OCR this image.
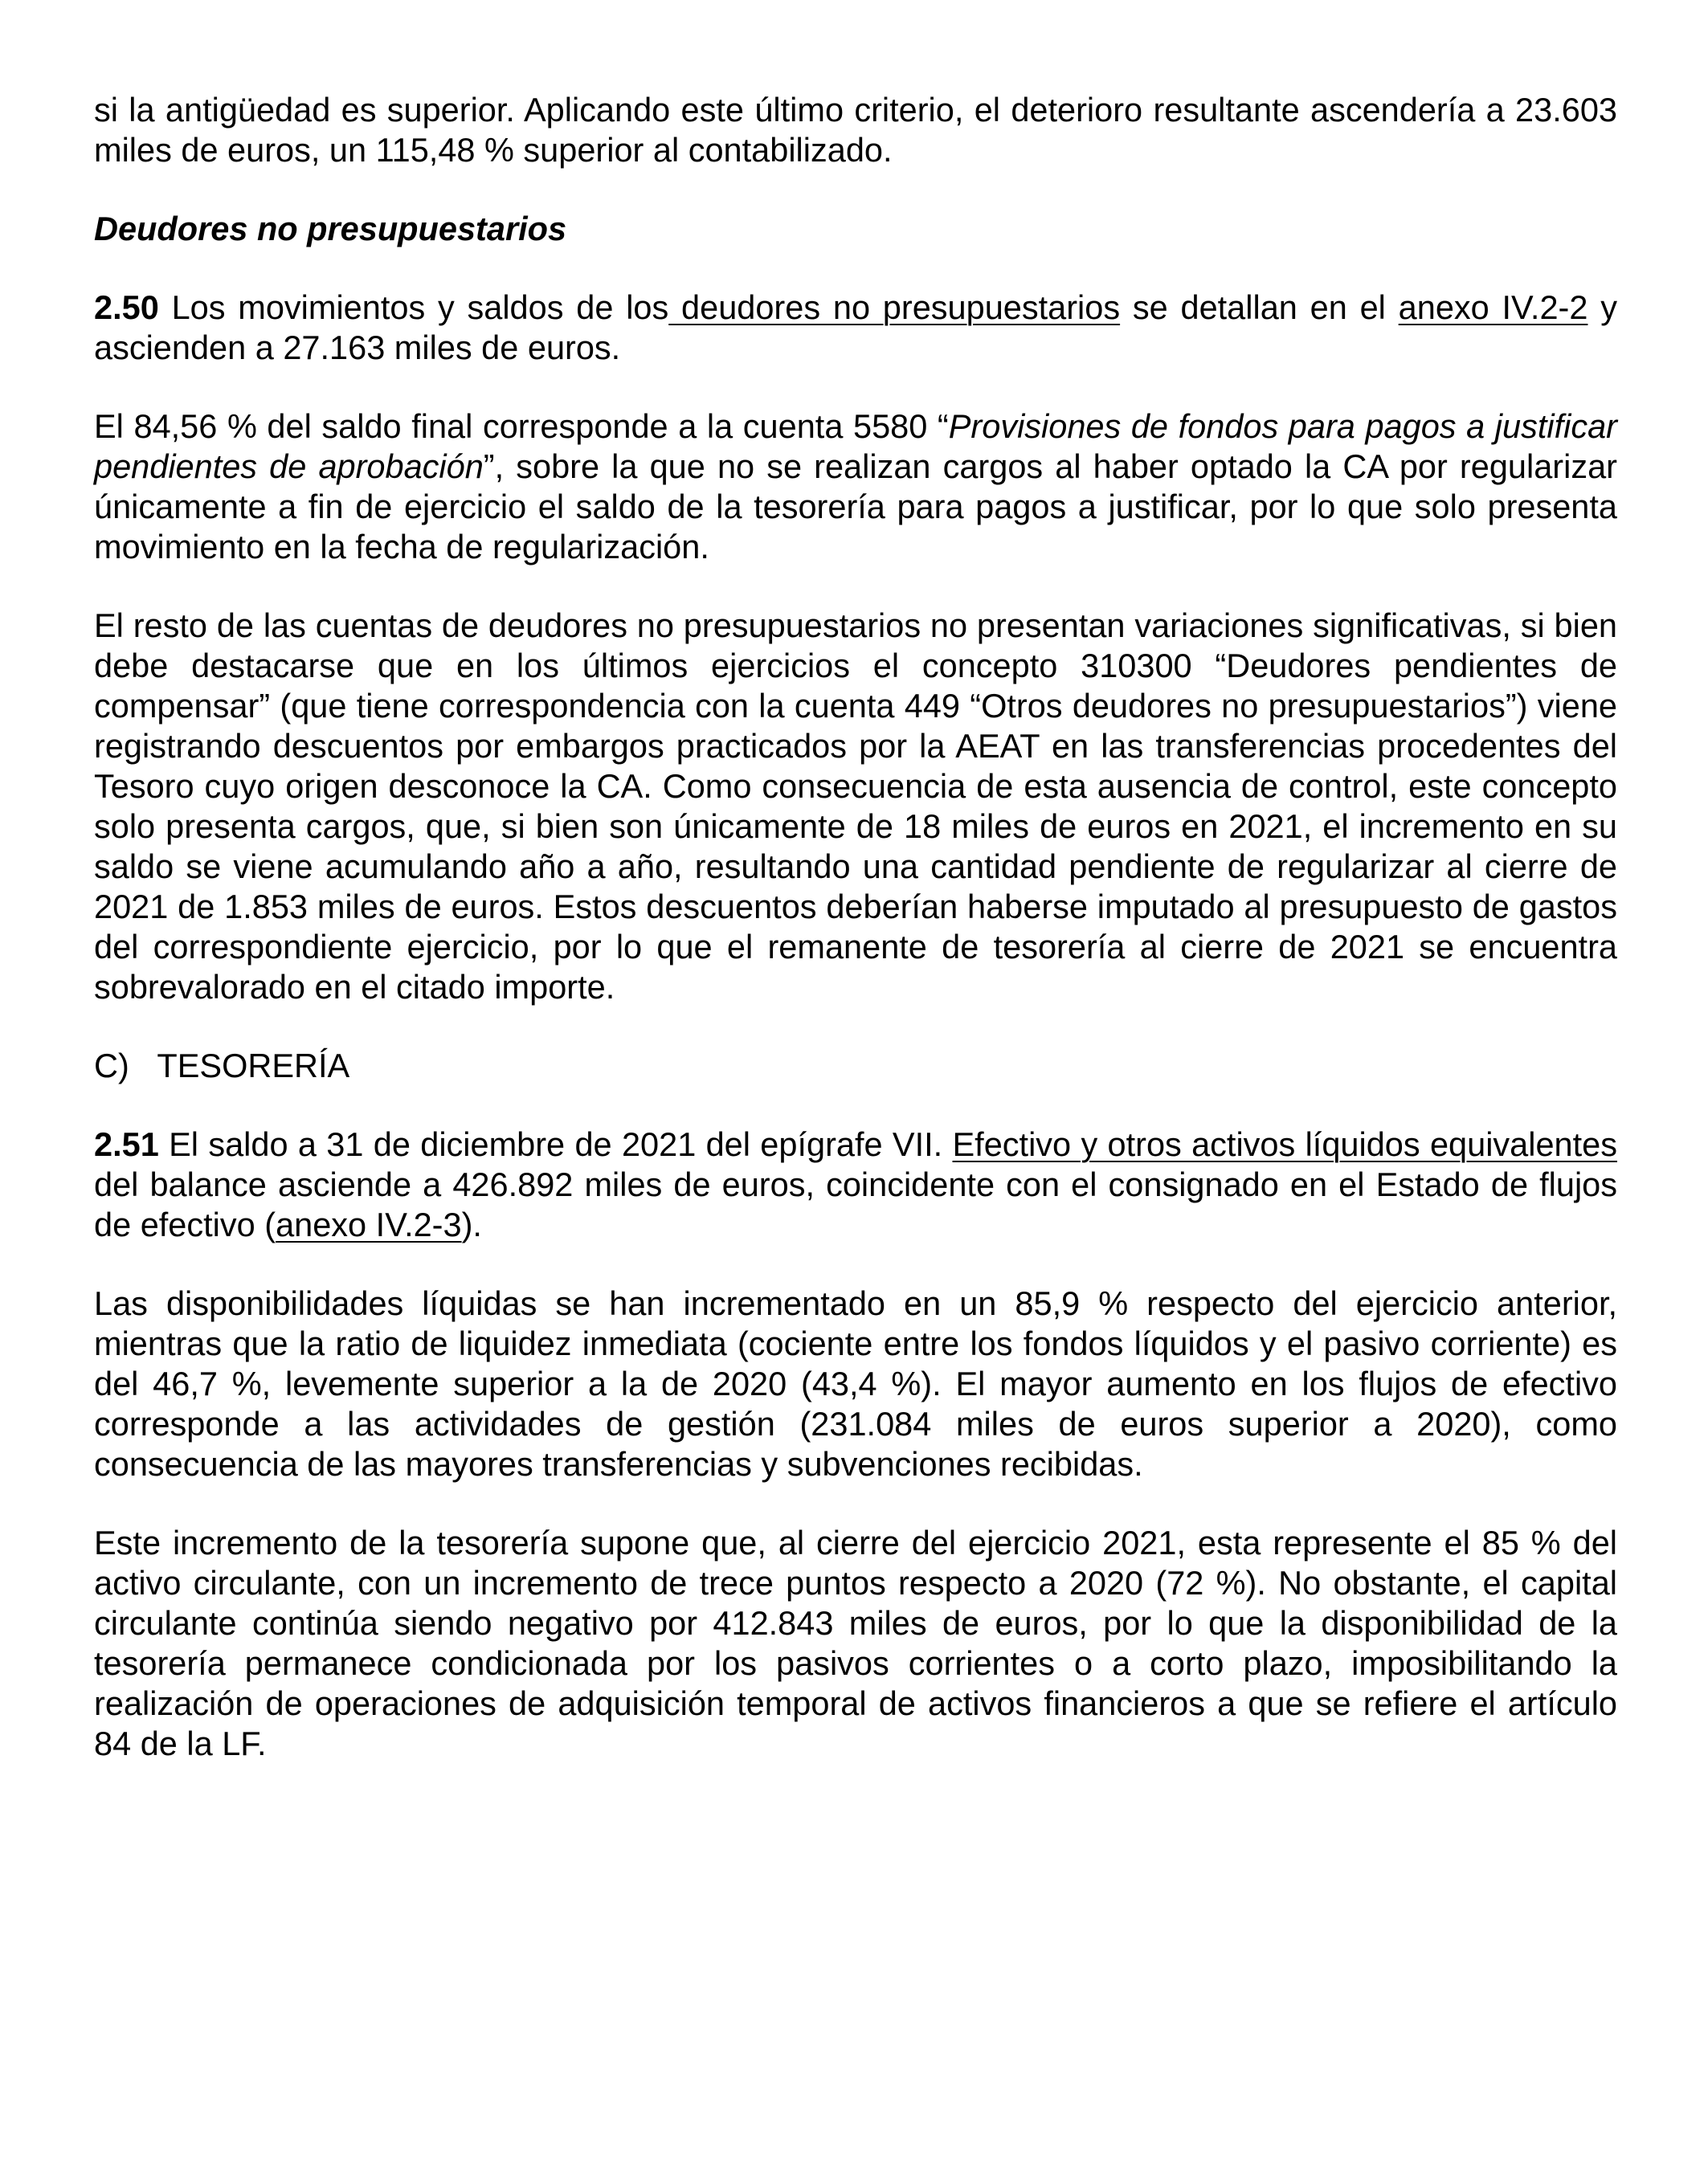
si la antigüedad es superior. Aplicando este último criterio, el deterioro resultante ascendería a 23.603 miles de euros, un 115,48 % superior al contabilizado.

Deudores no presupuestarios

2.50 Los movimientos y saldos de los deudores no presupuestarios se detallan en el anexo IV.2-2 y ascienden a 27.163 miles de euros.

El 84,56 % del saldo final corresponde a la cuenta 5580 “Provisiones de fondos para pagos a justificar pendientes de aprobación”, sobre la que no se realizan cargos al haber optado la CA por regularizar únicamente a fin de ejercicio el saldo de la tesorería para pagos a justificar, por lo que solo presenta movimiento en la fecha de regularización.

El resto de las cuentas de deudores no presupuestarios no presentan variaciones significativas, si bien debe destacarse que en los últimos ejercicios el concepto 310300 “Deudores pendientes de compensar” (que tiene correspondencia con la cuenta 449 “Otros deudores no presupuestarios”) viene registrando descuentos por embargos practicados por la AEAT en las transferencias procedentes del Tesoro cuyo origen desconoce la CA. Como consecuencia de esta ausencia de control, este concepto solo presenta cargos, que, si bien son únicamente de 18 miles de euros en 2021, el incremento en su saldo se viene acumulando año a año, resultando una cantidad pendiente de regularizar al cierre de 2021 de 1.853 miles de euros. Estos descuentos deberían haberse imputado al presupuesto de gastos del correspondiente ejercicio, por lo que el remanente de tesorería al cierre de 2021 se encuentra sobrevalorado en el citado importe.

C) TESORERÍA

2.51 El saldo a 31 de diciembre de 2021 del epígrafe VII. Efectivo y otros activos líquidos equivalentes del balance asciende a 426.892 miles de euros, coincidente con el consignado en el Estado de flujos de efectivo (anexo IV.2-3).

Las disponibilidades líquidas se han incrementado en un 85,9 % respecto del ejercicio anterior, mientras que la ratio de liquidez inmediata (cociente entre los fondos líquidos y el pasivo corriente) es del 46,7 %, levemente superior a la de 2020 (43,4 %). El mayor aumento en los flujos de efectivo corresponde a las actividades de gestión (231.084 miles de euros superior a 2020), como consecuencia de las mayores transferencias y subvenciones recibidas.

Este incremento de la tesorería supone que, al cierre del ejercicio 2021, esta represente el 85 % del activo circulante, con un incremento de trece puntos respecto a 2020 (72 %). No obstante, el capital circulante continúa siendo negativo por 412.843 miles de euros, por lo que la disponibilidad de la tesorería permanece condicionada por los pasivos corrientes o a corto plazo, imposibilitando la realización de operaciones de adquisición temporal de activos financieros a que se refiere el artículo 84 de la LF.
